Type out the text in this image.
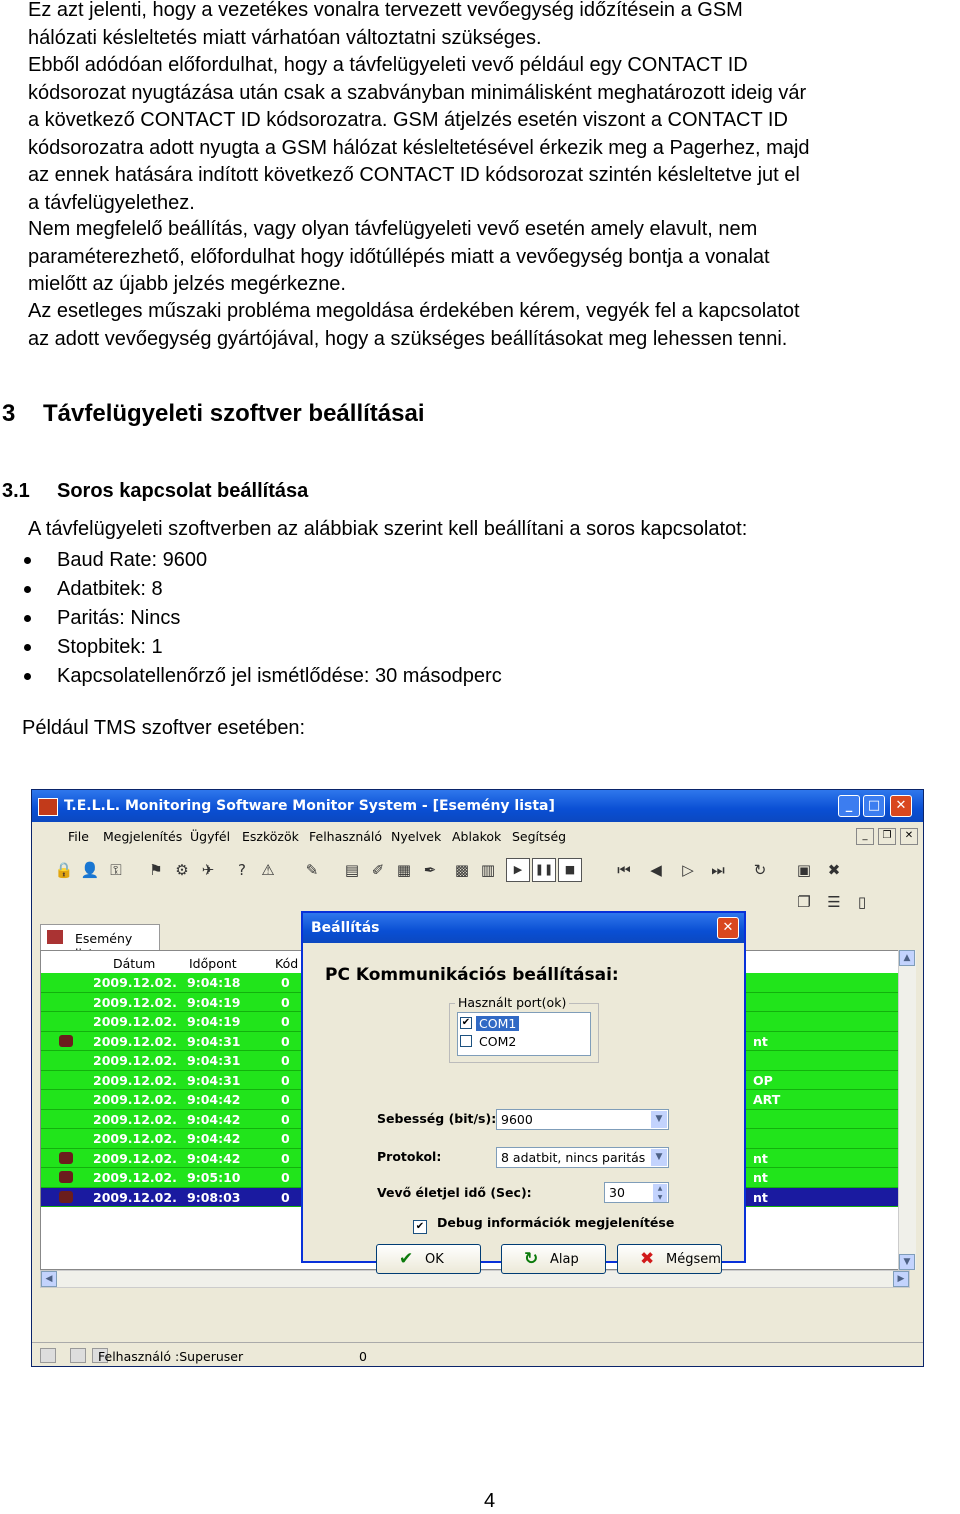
Ez azt jelenti, hogy a vezetékes vonalra tervezett vevőegység időzítésein a GSM
hálózati késleltetés miatt várhatóan változtatni szükséges.
Ebből adódóan előfordulhat, hogy a távfelügyeleti vevő például egy CONTACT ID
kódsorozat nyugtázása után csak a szabványban minimálisként meghatározott ideig vár
a következő CONTACT ID kódsorozatra. GSM átjelzés esetén viszont a CONTACT ID
kódsorozatra adott nyugta a GSM hálózat késleltetésével érkezik meg a Pagerhez, majd
az ennek hatására indított következő CONTACT ID kódsorozat szintén késleltetve jut el
a távfelügyelethez.
Nem megfelelő beállítás, vagy olyan távfelügyeleti vevő esetén amely elavult, nem
paraméterezhető, előfordulhat hogy időtúllépés miatt a vevőegység bontja a vonalat
mielőtt az újabb jelzés megérkezne.
Az esetleges műszaki probléma megoldása érdekében kérem, vegyék fel a kapcsolatot
az adott vevőegység gyártójával, hogy a szükséges beállításokat meg lehessen tenni.
3 Távfelügyeleti szoftver beállításai
3.1 Soros kapcsolat beállítása

A távfelügyeleti szoftverben az alábbiak szerint kell beállítani a soros kapcsolatot:

Baud Rate: 9600
Adatbitek: 8
Paritás: Nincs
Stopbitek: 1
Kapcsolatellenőrző jel ismétlődése: 30 másodperc

Például TMS szoftver esetében:

T.E.L.L. Monitoring Software Monitor System - [Esemény lista]	_	□	✕
File Megjelenítés Ügyfél Eszközök Felhasználó Nyelvek Ablakok Segítség	_	❐	✕
🔒 👤 ⚿	⚑ ⚙ ✈	?	⚠	✎	▤ ✐ ▦ ✒	▩ ▥	▶	❚❚	■	⏮	◀	▷	⏭	↻	▣	✖
❐	☰	▯
Esemény
Dátum	Időpont	Kód
2009.12.02. 9:04:18	0
2009.12.02. 9:04:19	0
2009.12.02. 9:04:19	0
2009.12.02. 9:04:31	0	nt
2009.12.02. 9:04:31	0
2009.12.02. 9:04:31	0	OP
2009.12.02. 9:04:42	0	ART
2009.12.02. 9:04:42	0
2009.12.02. 9:04:42	0
2009.12.02. 9:04:42	0	nt
2009.12.02. 9:05:10	0	nt
2009.12.02. 9:08:03	0	nt
▲
▼
◀	▶
Felhasználó :Superuser	0
Beállítás	✕
PC Kommunikációs beállításai:
Használt port(ok)
✔ COM1
COM2
Sebesség (bit/s): 9600	▼
Protokol:	8 adatbit, nincs paritás	▼
Vevő életjel idő (Sec):	30	▲
▼
✔ Debug információk megjelenítése
✔ OK	↻ Alap	✖ Mégsem
4
